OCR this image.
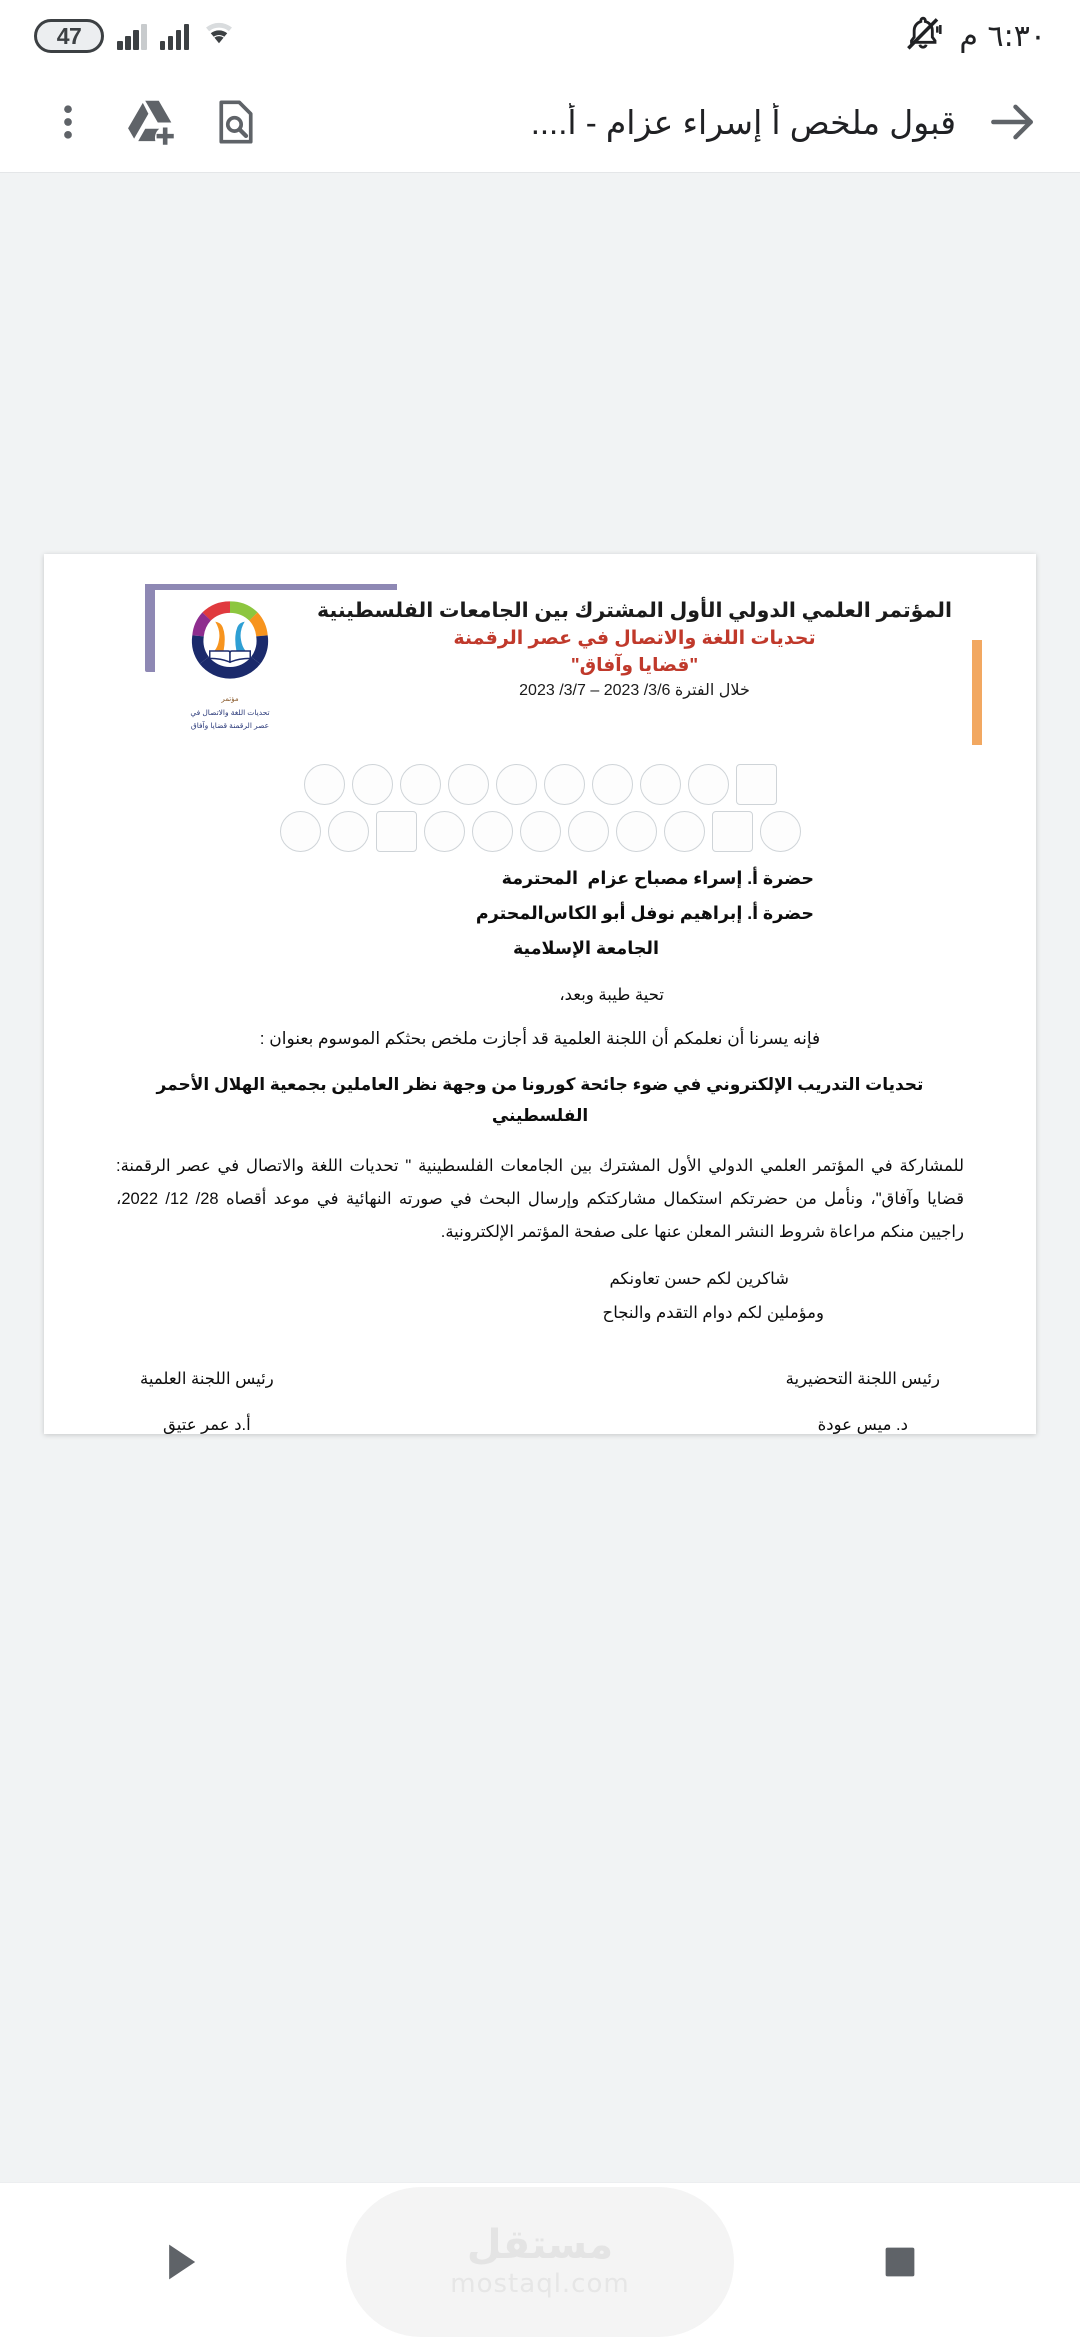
47	٦:٣٠ م
قبول ملخص أ إسراء عزام - أ....
المؤتمر العلمي الدولي الأول المشترك بين الجامعات الفلسطينية
تحديات اللغة والاتصال في عصر الرقمنة
"قضايا وآفاق"
خلال الفترة 3/6/ 2023 – 3/7/ 2023
مؤتمر
تحديات اللغة والاتصال في
عصر الرقمنة قضايا وآفاق
حضرة أ. إسراء مصباح عزام
المحترمة
حضرة أ. إبراهيم نوفل أبو الكاس
المحترم
الجامعة الإسلامية
تحية طيبة وبعد،
فإنه يسرنا أن نعلمكم أن اللجنة العلمية قد أجازت ملخص بحثكم الموسوم بعنوان :
تحديات التدريب الإلكتروني في ضوء جائحة كورونا من وجهة نظر العاملين بجمعية الهلال الأحمر الفلسطيني
للمشاركة في المؤتمر العلمي الدولي الأول المشترك بين الجامعات الفلسطينية " تحديات اللغة والاتصال في عصر الرقمنة: قضايا وآفاق"، ونأمل من حضرتكم استكمال مشاركتكم وإرسال البحث في صورته النهائية في موعد أقصاه 28/ 12/ 2022، راجيين منكم مراعاة شروط النشر المعلن عنها على صفحة المؤتمر الإلكترونية.
شاكرين لكم حسن تعاونكم
ومؤملين لكم دوام التقدم والنجاح
رئيس اللجنة التحضيرية
د. ميس عودة
رئيس اللجنة العلمية
أ.د عمر عتيق
مستقل
mostaql.com
